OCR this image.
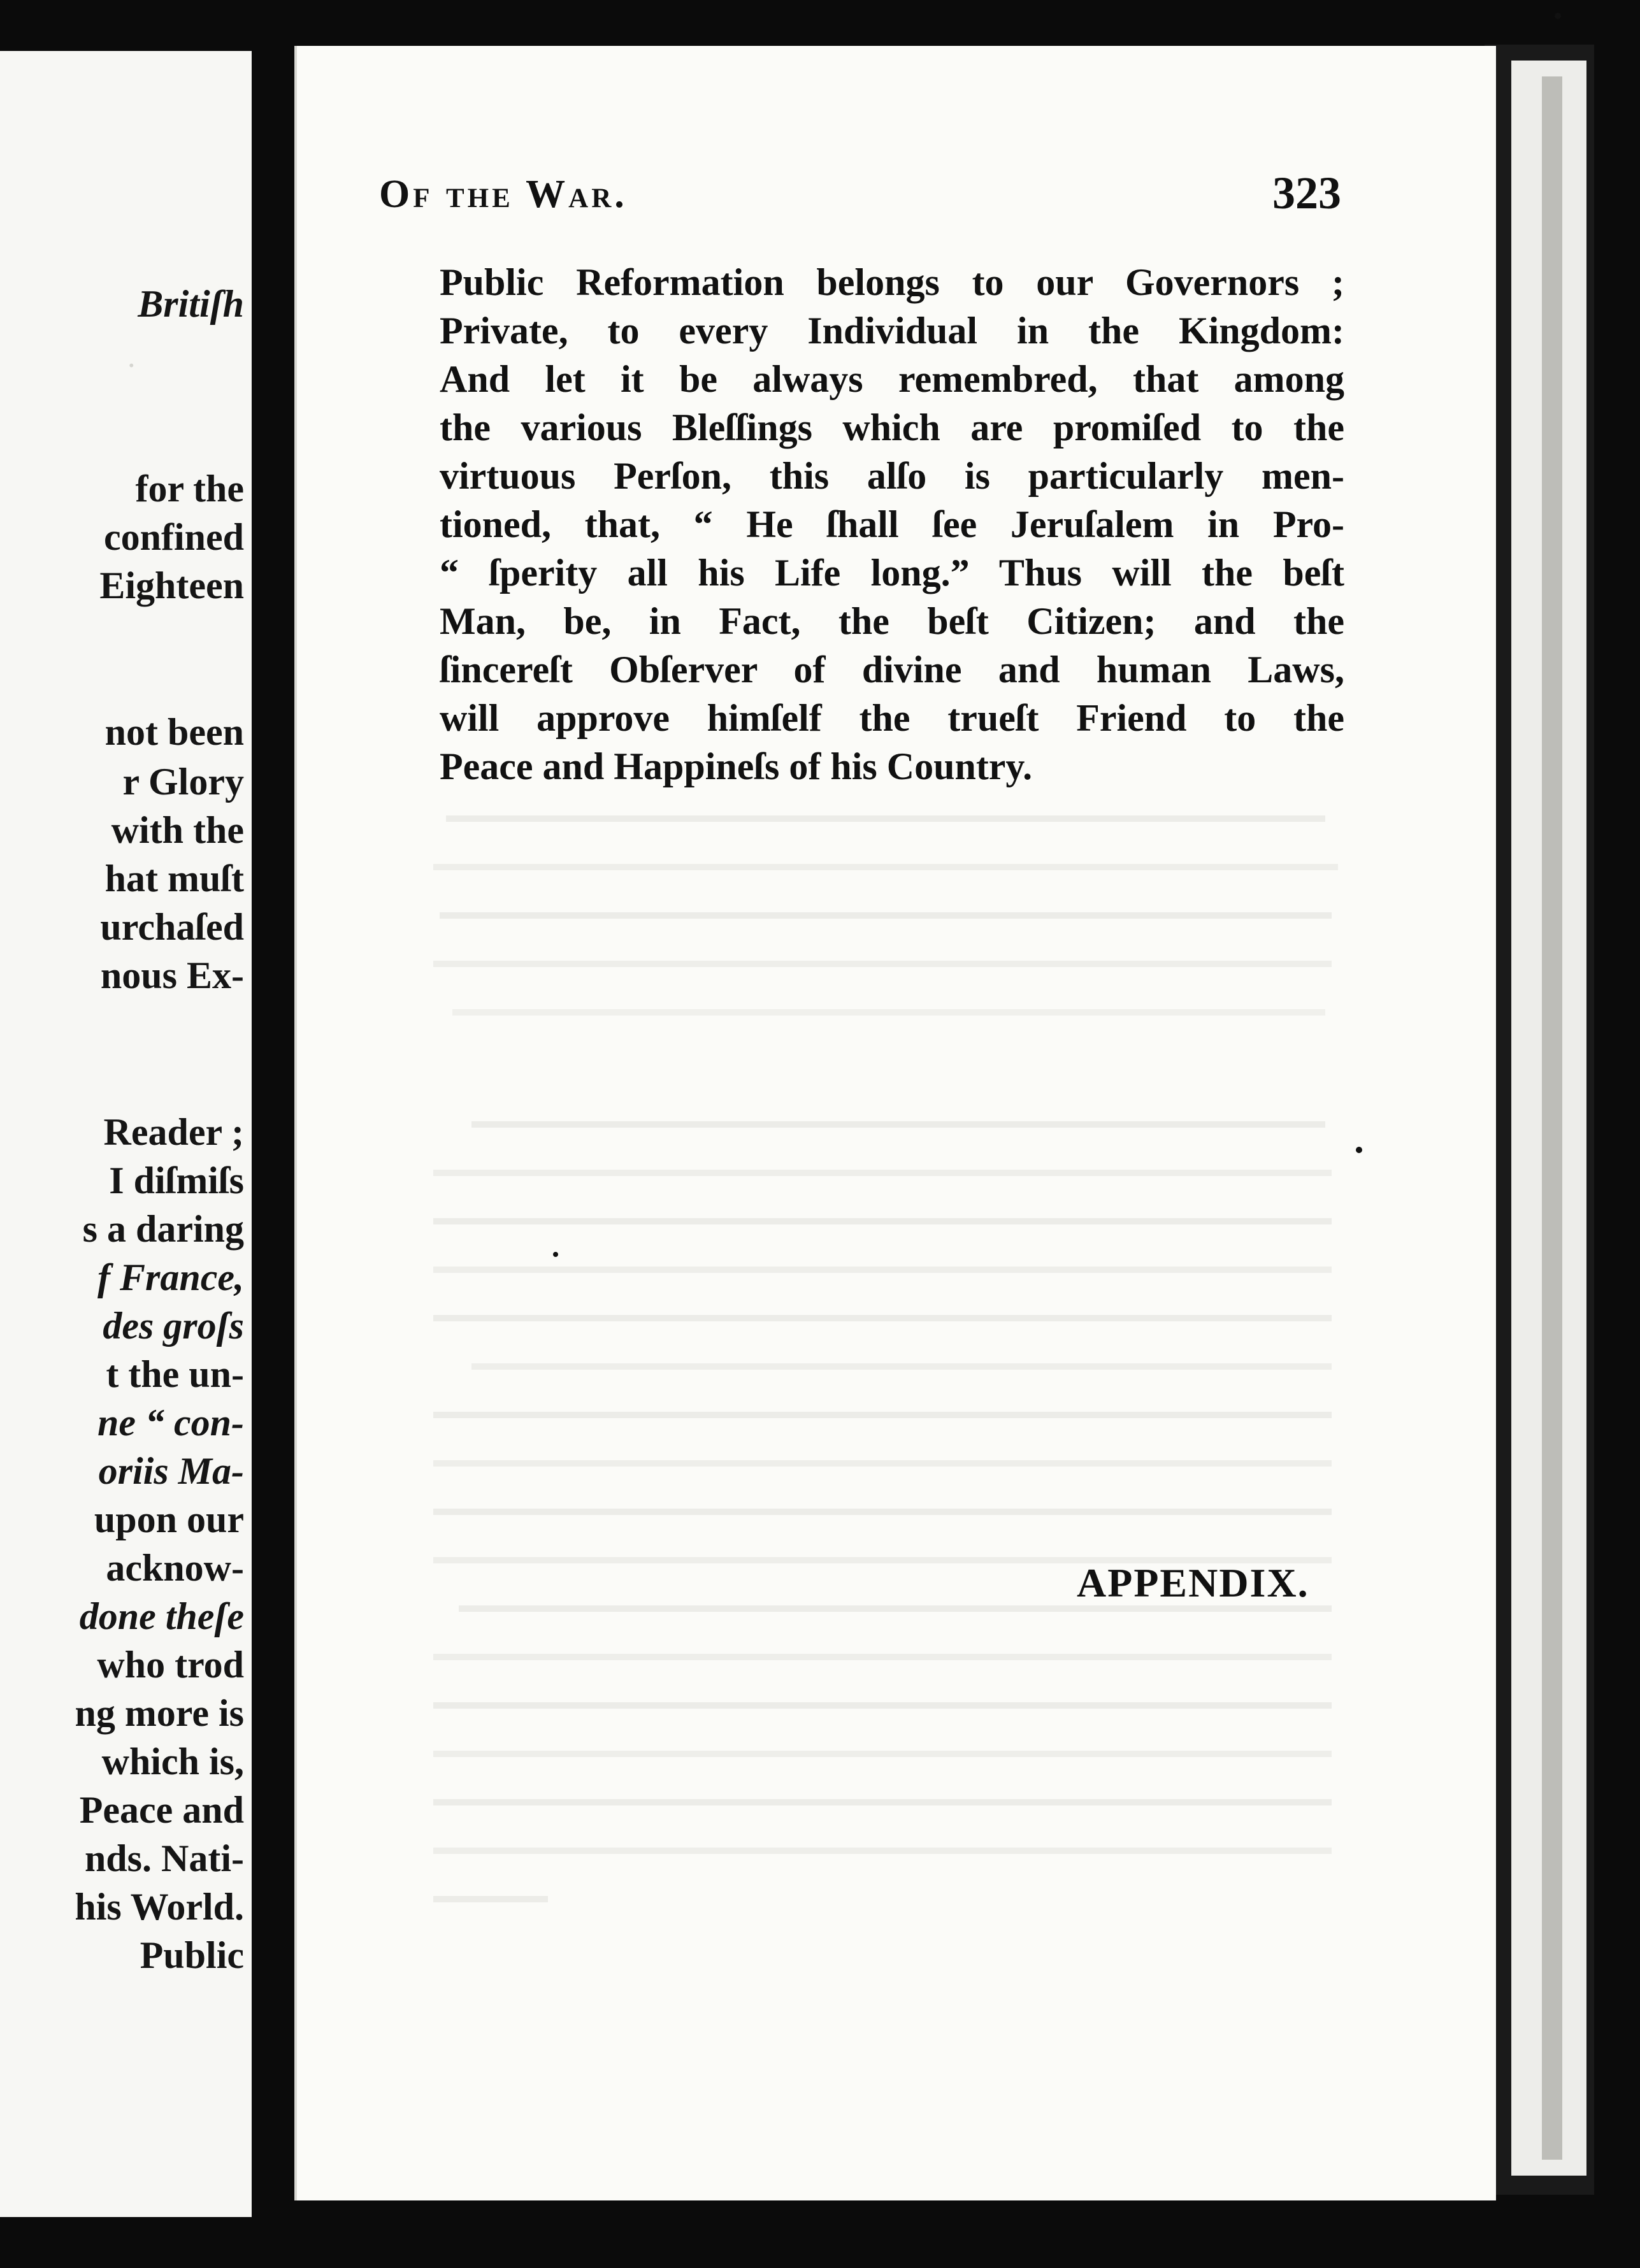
.
Britiſh
for the
confined
Eighteen
not been
r Glory
with the
hat muſt
urchaſed
nous Ex-
Reader ;
I diſmiſs
s a daring
f France,
des groſs
t the un-
ne “ con-
oriis Ma-
upon our
acknow-
done theſe
who trod
ng more is
which is,
Peace and
nds. Nati-
his World.
Public
Of the War.	323
Public Reformation belongs to our Governors ;
Private, to every Individual in the Kingdom:
And let it be always remembred, that among
the various Bleſſings which are promiſed to the
virtuous Perſon, this alſo is particularly men-
tioned, that, “ He ſhall ſee Jeruſalem in Pro-
“ ſperity all his Life long.” Thus will the beſt
Man, be, in Fact, the beſt Citizen; and the
ſincereſt Obſerver of divine and human Laws,
will approve himſelf the trueſt Friend to the
Peace and Happineſs of his Country.
APPENDIX.
